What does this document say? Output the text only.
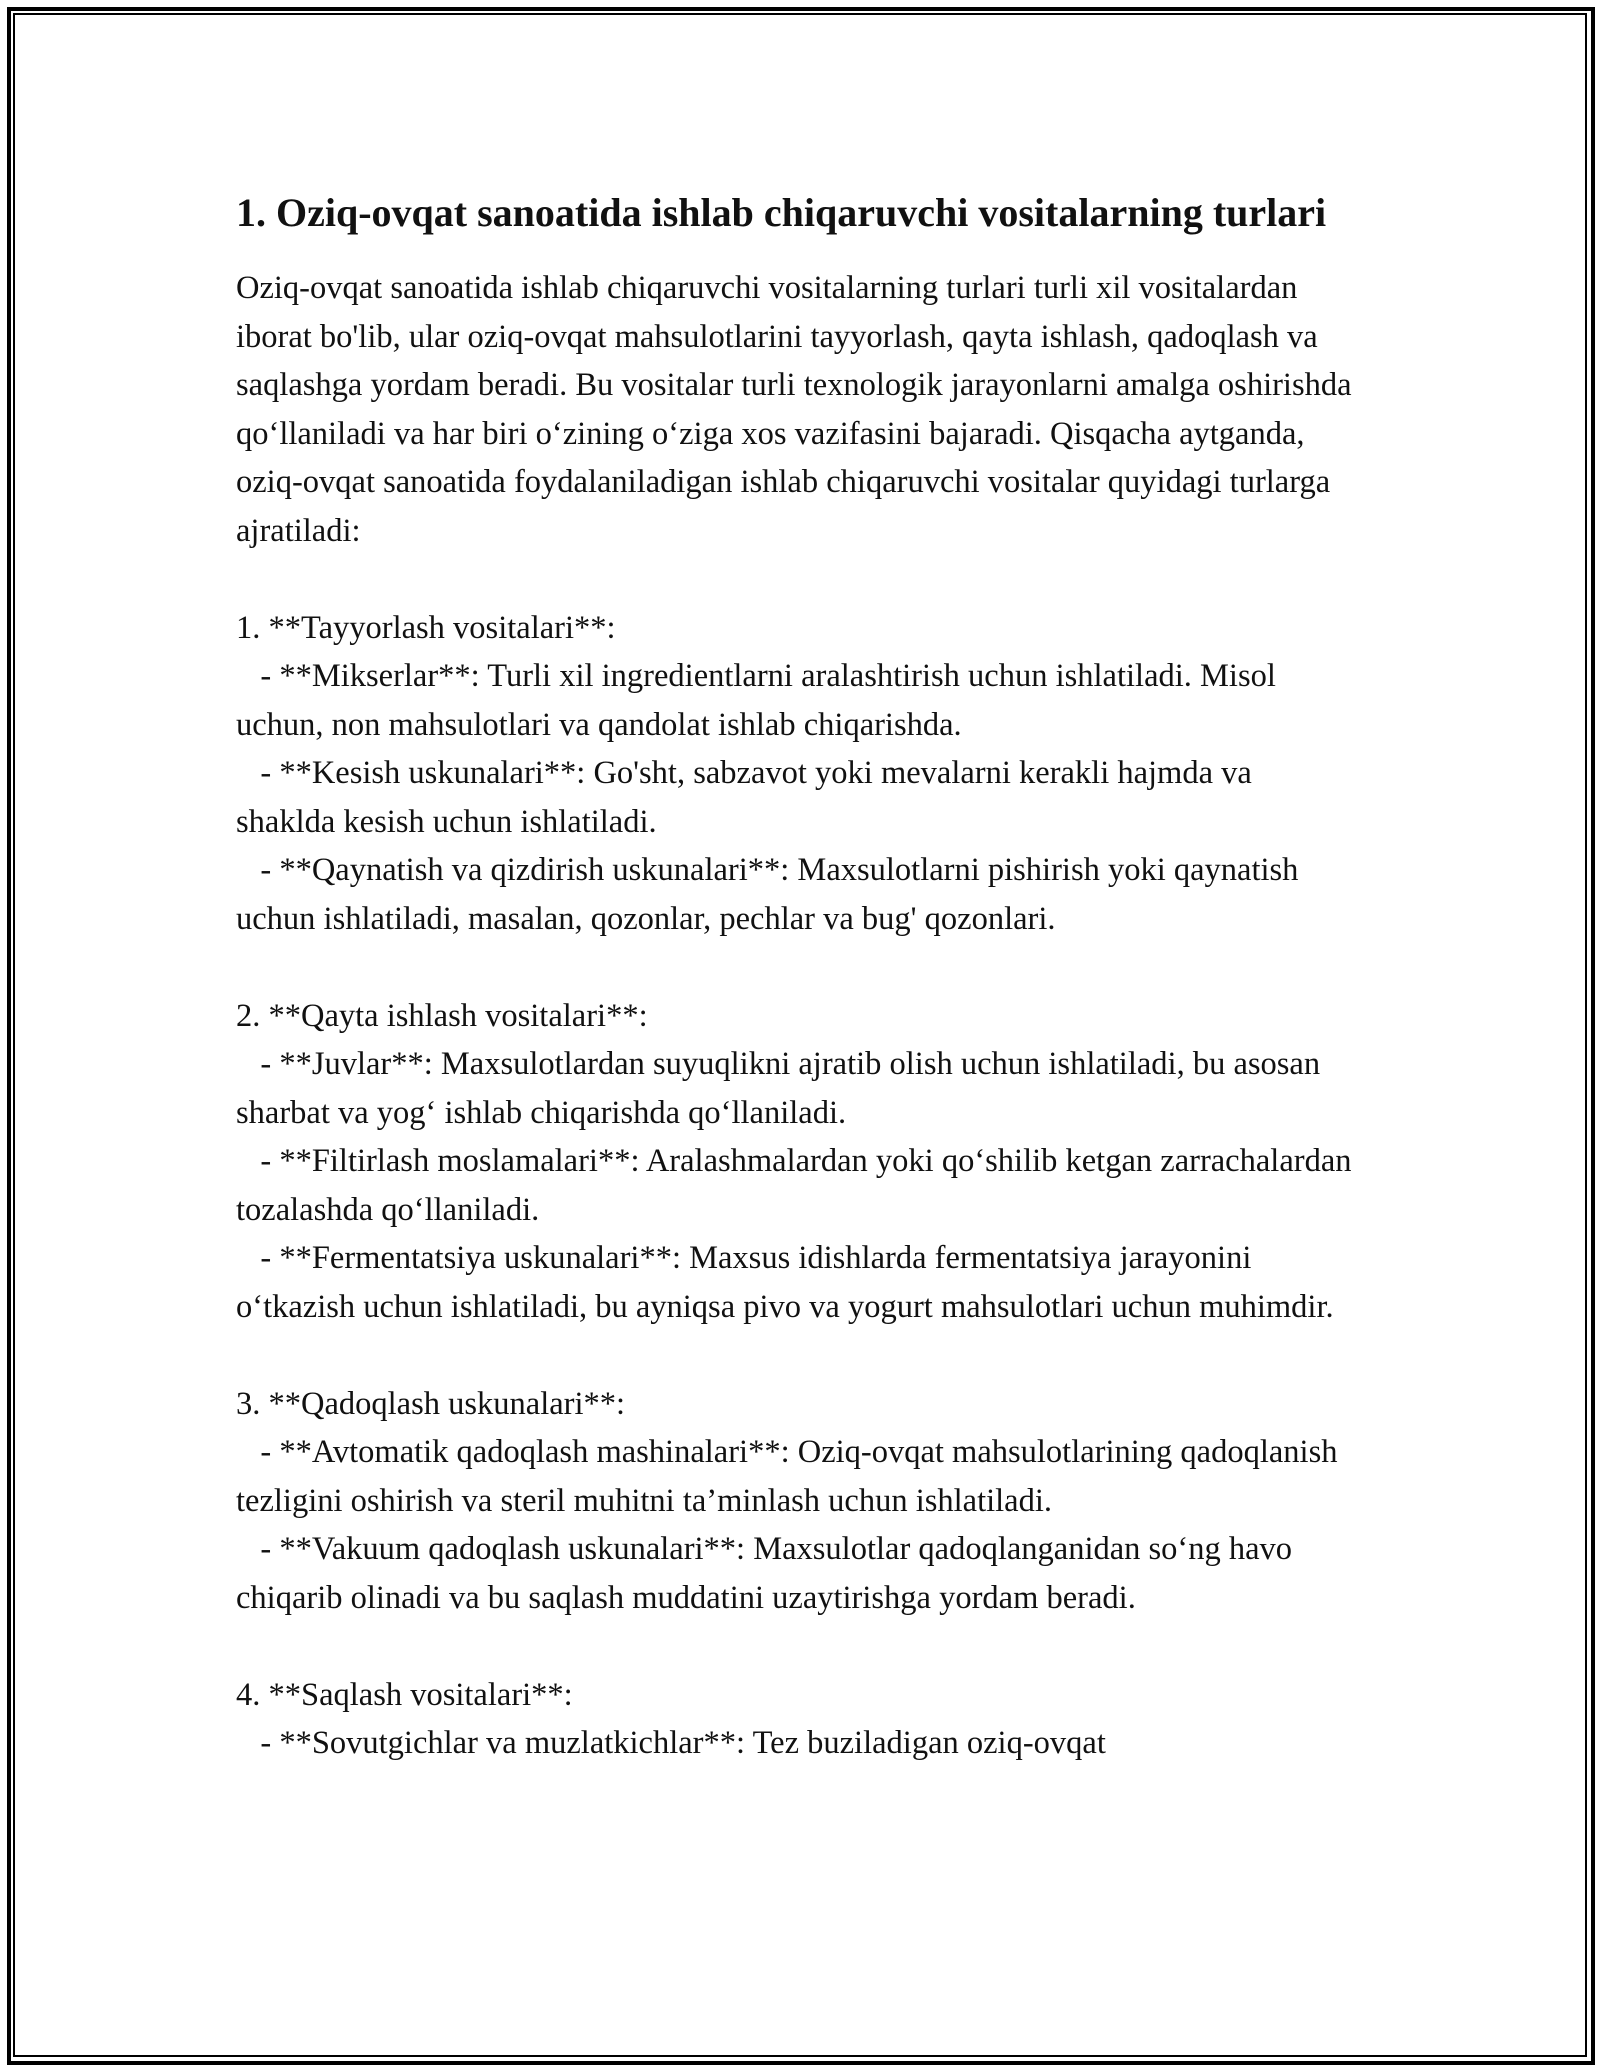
1. Oziq-ovqat sanoatida ishlab chiqaruvchi vositalarning turlari

Oziq-ovqat sanoatida ishlab chiqaruvchi vositalarning turlari turli xil vositalardan iborat bo'lib, ular oziq-ovqat mahsulotlarini tayyorlash, qayta ishlash, qadoqlash va saqlashga yordam beradi. Bu vositalar turli texnologik jarayonlarni amalga oshirishda qo‘llaniladi va har biri o‘zining o‘ziga xos vazifasini bajaradi. Qisqacha aytganda, oziq-ovqat sanoatida foydalaniladigan ishlab chiqaruvchi vositalar quyidagi turlarga ajratiladi:

1. **Tayyorlash vositalari**:
- **Mikserlar**: Turli xil ingredientlarni aralashtirish uchun ishlatiladi. Misol uchun, non mahsulotlari va qandolat ishlab chiqarishda.
- **Kesish uskunalari**: Go'sht, sabzavot yoki mevalarni kerakli hajmda va shaklda kesish uchun ishlatiladi.
- **Qaynatish va qizdirish uskunalari**: Maxsulotlarni pishirish yoki qaynatish uchun ishlatiladi, masalan, qozonlar, pechlar va bug' qozonlari.
2. **Qayta ishlash vositalari**:
- **Juvlar**: Maxsulotlardan suyuqlikni ajratib olish uchun ishlatiladi, bu asosan sharbat va yog‘ ishlab chiqarishda qo‘llaniladi.
- **Filtirlash moslamalari**: Aralashmalardan yoki qo‘shilib ketgan zarrachalardan tozalashda qo‘llaniladi.
- **Fermentatsiya uskunalari**: Maxsus idishlarda fermentatsiya jarayonini o‘tkazish uchun ishlatiladi, bu ayniqsa pivo va yogurt mahsulotlari uchun muhimdir.
3. **Qadoqlash uskunalari**:
- **Avtomatik qadoqlash mashinalari**: Oziq-ovqat mahsulotlarining qadoqlanish tezligini oshirish va steril muhitni ta’minlash uchun ishlatiladi.
- **Vakuum qadoqlash uskunalari**: Maxsulotlar qadoqlanganidan so‘ng havo chiqarib olinadi va bu saqlash muddatini uzaytirishga yordam beradi.
4. **Saqlash vositalari**:
- **Sovutgichlar va muzlatkichlar**: Tez buziladigan oziq-ovqat
